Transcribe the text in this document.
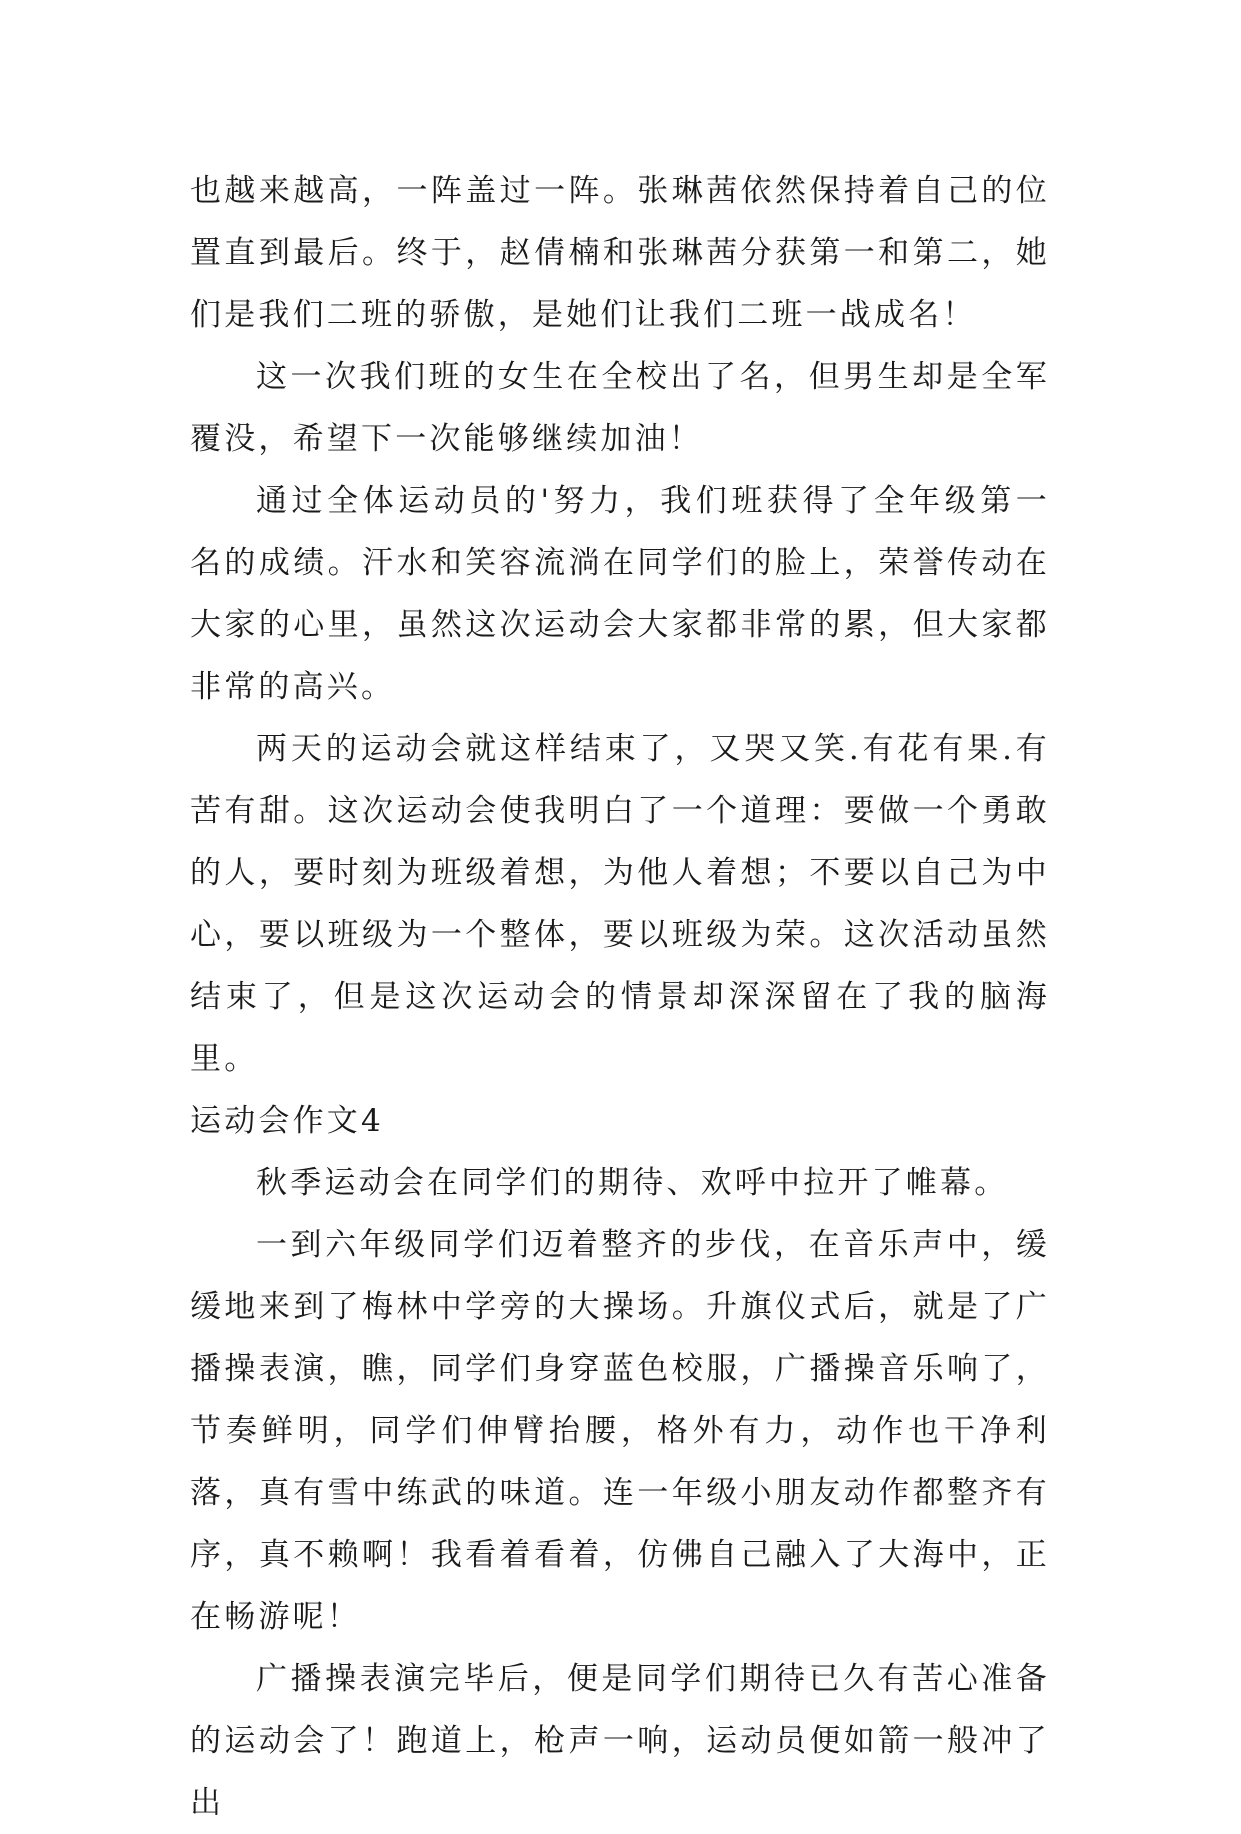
也越来越高，一阵盖过一阵。张琳茜依然保持着自己的位置直到最后。终于，赵倩楠和张琳茜分获第一和第二，她们是我们二班的骄傲，是她们让我们二班一战成名！

这一次我们班的女生在全校出了名，但男生却是全军覆没，希望下一次能够继续加油！

通过全体运动员的'努力，我们班获得了全年级第一名的成绩。汗水和笑容流淌在同学们的脸上，荣誉传动在大家的心里，虽然这次运动会大家都非常的累，但大家都非常的高兴。

两天的运动会就这样结束了，又哭又笑.有花有果.有苦有甜。这次运动会使我明白了一个道理：要做一个勇敢的人，要时刻为班级着想，为他人着想；不要以自己为中心，要以班级为一个整体，要以班级为荣。这次活动虽然结束了，但是这次运动会的情景却深深留在了我的脑海里。

运动会作文4

秋季运动会在同学们的期待、欢呼中拉开了帷幕。

一到六年级同学们迈着整齐的步伐，在音乐声中，缓缓地来到了梅林中学旁的大操场。升旗仪式后，就是了广播操表演，瞧，同学们身穿蓝色校服，广播操音乐响了，节奏鲜明，同学们伸臂抬腰，格外有力，动作也干净利落，真有雪中练武的味道。连一年级小朋友动作都整齐有序，真不赖啊！我看着看着，仿佛自己融入了大海中，正在畅游呢！

广播操表演完毕后，便是同学们期待已久有苦心准备的运动会了！跑道上，枪声一响，运动员便如箭一般冲了出
